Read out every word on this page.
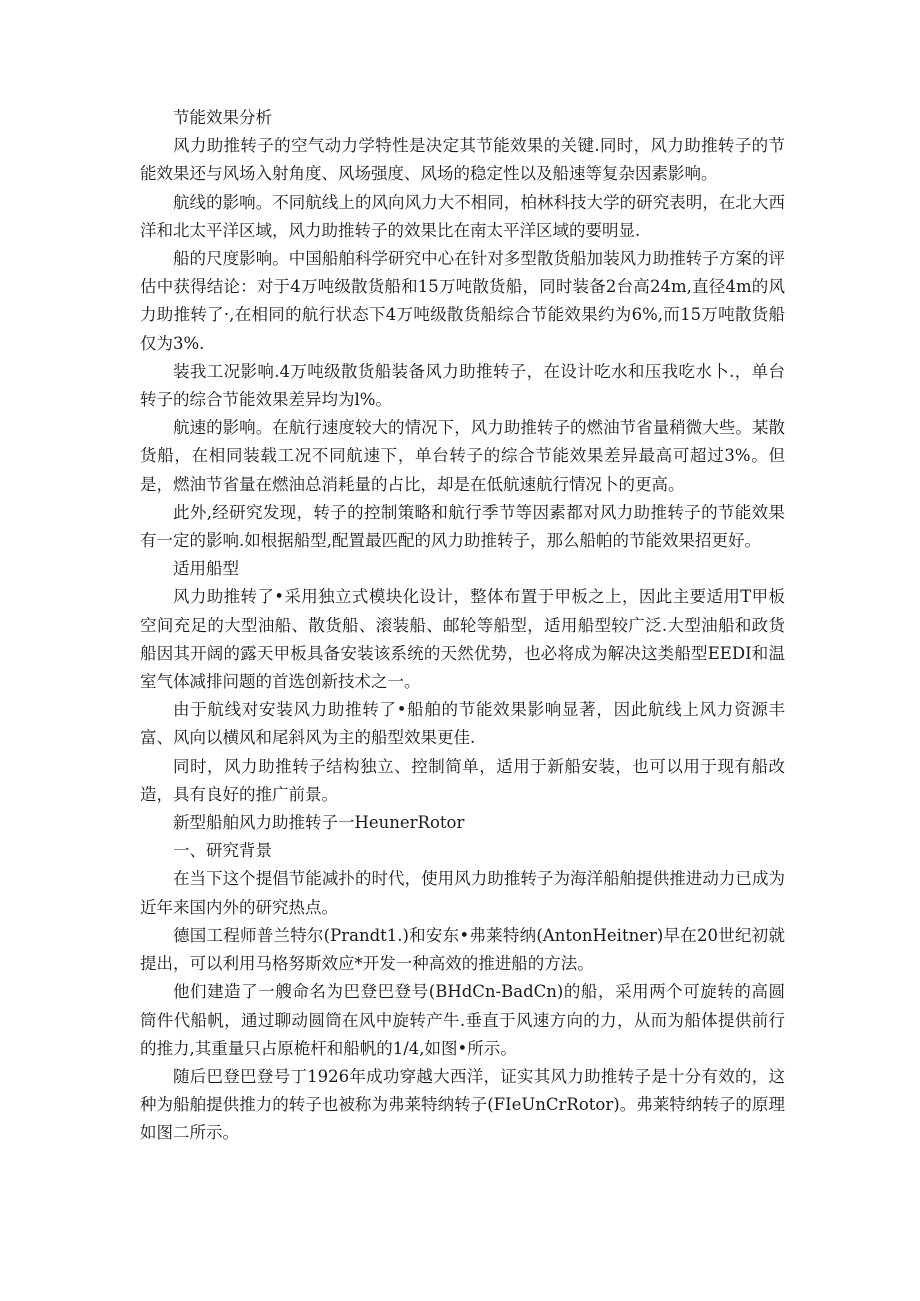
节能效果分析

风力助推转子的空气动力学特性是决定其节能效果的关键.同时，风力助推转子的节能效果还与风场入射角度、风场强度、风场的稳定性以及船速等复杂因素影响。

航线的影响。不同航线上的风向风力大不相同，柏林科技大学的研究表明，在北大西洋和北太平洋区域，风力助推转子的效果比在南太平洋区域的要明显.

船的尺度影响。中国船舶科学研究中心在针对多型散货船加装风力助推转子方案的评估中获得结论：对于4万吨级散货船和15万吨散货船，同时装备2台高24m,直径4m的风力助推转了·,在相同的航行状态下4万吨级散货船综合节能效果约为6%,而15万吨散货船仅为3%.

装我工况影响.4万吨级散货船装备风力助推转子，在设计吃水和压我吃水卜.，单台转子的综合节能效果差异均为l%。

航速的影响。在航行速度较大的情况下，风力助推转子的燃油节省量稍微大些。某散货船，在相同装载工况不同航速下，单台转子的综合节能效果差异最高可超过3%。但是，燃油节省量在燃油总消耗量的占比，却是在低航速航行情况卜的更高。

此外,经研究发现，转子的控制策略和航行季节等因素都对风力助推转子的节能效果有一定的影响.如根据船型,配置最匹配的风力助推转子，那么船帕的节能效果招更好。

适用船型

风力助推转了•采用独立式模块化设计，整体布置于甲板之上，因此主要适用T甲板空间充足的大型油船、散货船、滚装船、邮轮等船型，适用船型较广泛.大型油船和政货船因其开阔的露天甲板具备安装该系统的天然优势，也必将成为解决这类船型EEDI和温室气体减排问题的首选创新技术之一。

由于航线对安装风力助推转了•船舶的节能效果影响显著，因此航线上风力资源丰富、风向以横风和尾斜风为主的船型效果更佳.

同时，风力助推转子结构独立、控制简单，适用于新船安装，也可以用于现有船改造，具有良好的推广前景。

新型船舶风力助推转子一HeunerRotor

一、研究背景

在当下这个提倡节能减扑的时代，使用风力助推转子为海洋船舶提供推进动力已成为近年来国内外的研究热点。

德国工程师普兰特尔(Prandt1.)和安东•弗莱特纳(AntonHeitner)早在20世纪初就提出，可以利用马格努斯效应*开发一种高效的推进船的方法。

他们建造了一艘命名为巴登巴登号(BHdCn-BadCn)的船，采用两个可旋转的高圆筒件代船帆，通过聊动圆筒在风中旋转产牛.垂直于风速方向的力，从而为船体提供前行的推力,其重量只占原桅杆和船帆的1/4,如图•所示。

随后巴登巴登号丁1926年成功穿越大西洋，证实其风力助推转子是十分有效的，这种为船舶提供推力的转子也被称为弗莱特纳转子(FIeUnCrRotor)。弗莱特纳转子的原理如图二所示。
